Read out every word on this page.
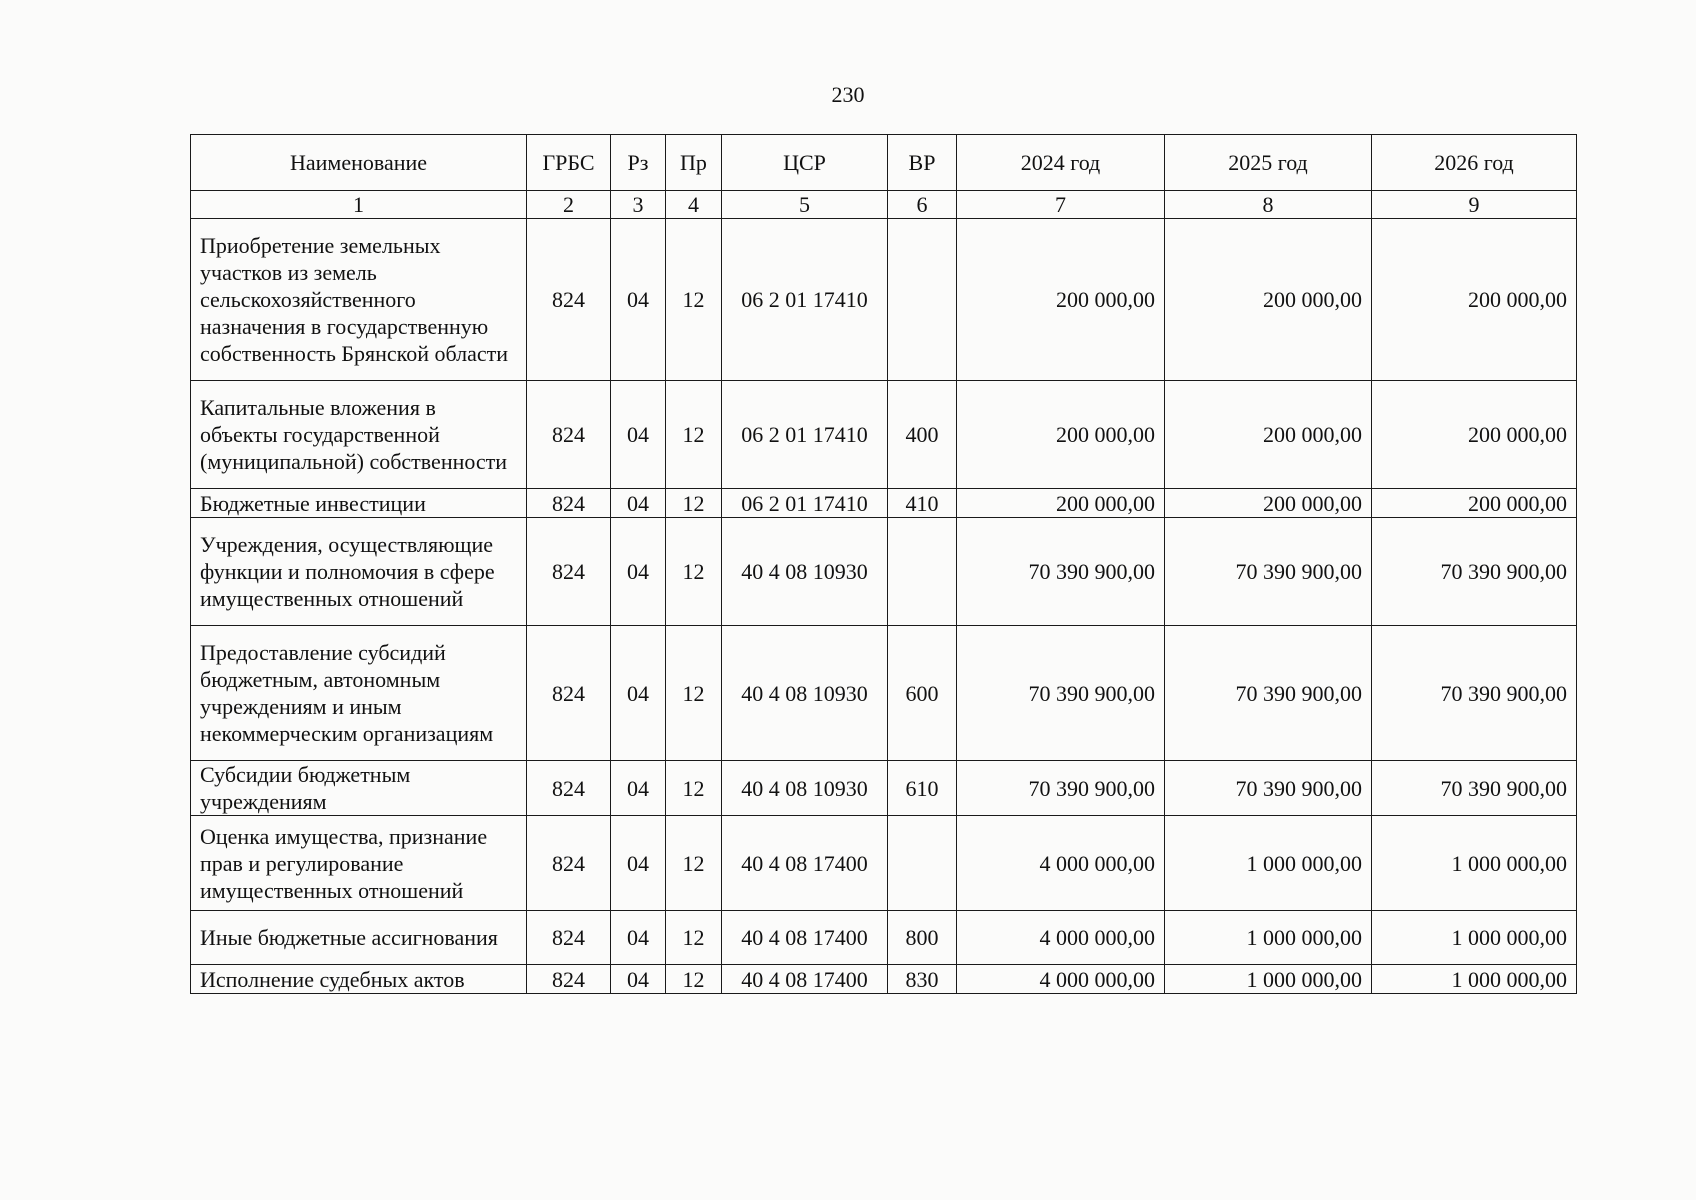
230
Наименование	ГРБС	Рз	Пр	ЦСР	ВР	2024 год	2025 год	2026 год
1	2	3	4	5	6	7	8	9
Приобретение земельных участков из земель сельскохозяйственного назначения в государственную собственность Брянской области	824	04	12	06 2 01 17410		200 000,00	200 000,00	200 000,00
Капитальные вложения в объекты государственной (муниципальной) собственности	824	04	12	06 2 01 17410	400	200 000,00	200 000,00	200 000,00
Бюджетные инвестиции	824	04	12	06 2 01 17410	410	200 000,00	200 000,00	200 000,00
Учреждения, осуществляющие функции и полномочия в сфере имущественных отношений	824	04	12	40 4 08 10930		70 390 900,00	70 390 900,00	70 390 900,00
Предоставление субсидий бюджетным, автономным учреждениям и иным некоммерческим организациям	824	04	12	40 4 08 10930	600	70 390 900,00	70 390 900,00	70 390 900,00
Субсидии бюджетным учреждениям	824	04	12	40 4 08 10930	610	70 390 900,00	70 390 900,00	70 390 900,00
Оценка имущества, признание прав и регулирование имущественных отношений	824	04	12	40 4 08 17400		4 000 000,00	1 000 000,00	1 000 000,00
Иные бюджетные ассигнования	824	04	12	40 4 08 17400	800	4 000 000,00	1 000 000,00	1 000 000,00
Исполнение судебных актов	824	04	12	40 4 08 17400	830	4 000 000,00	1 000 000,00	1 000 000,00
